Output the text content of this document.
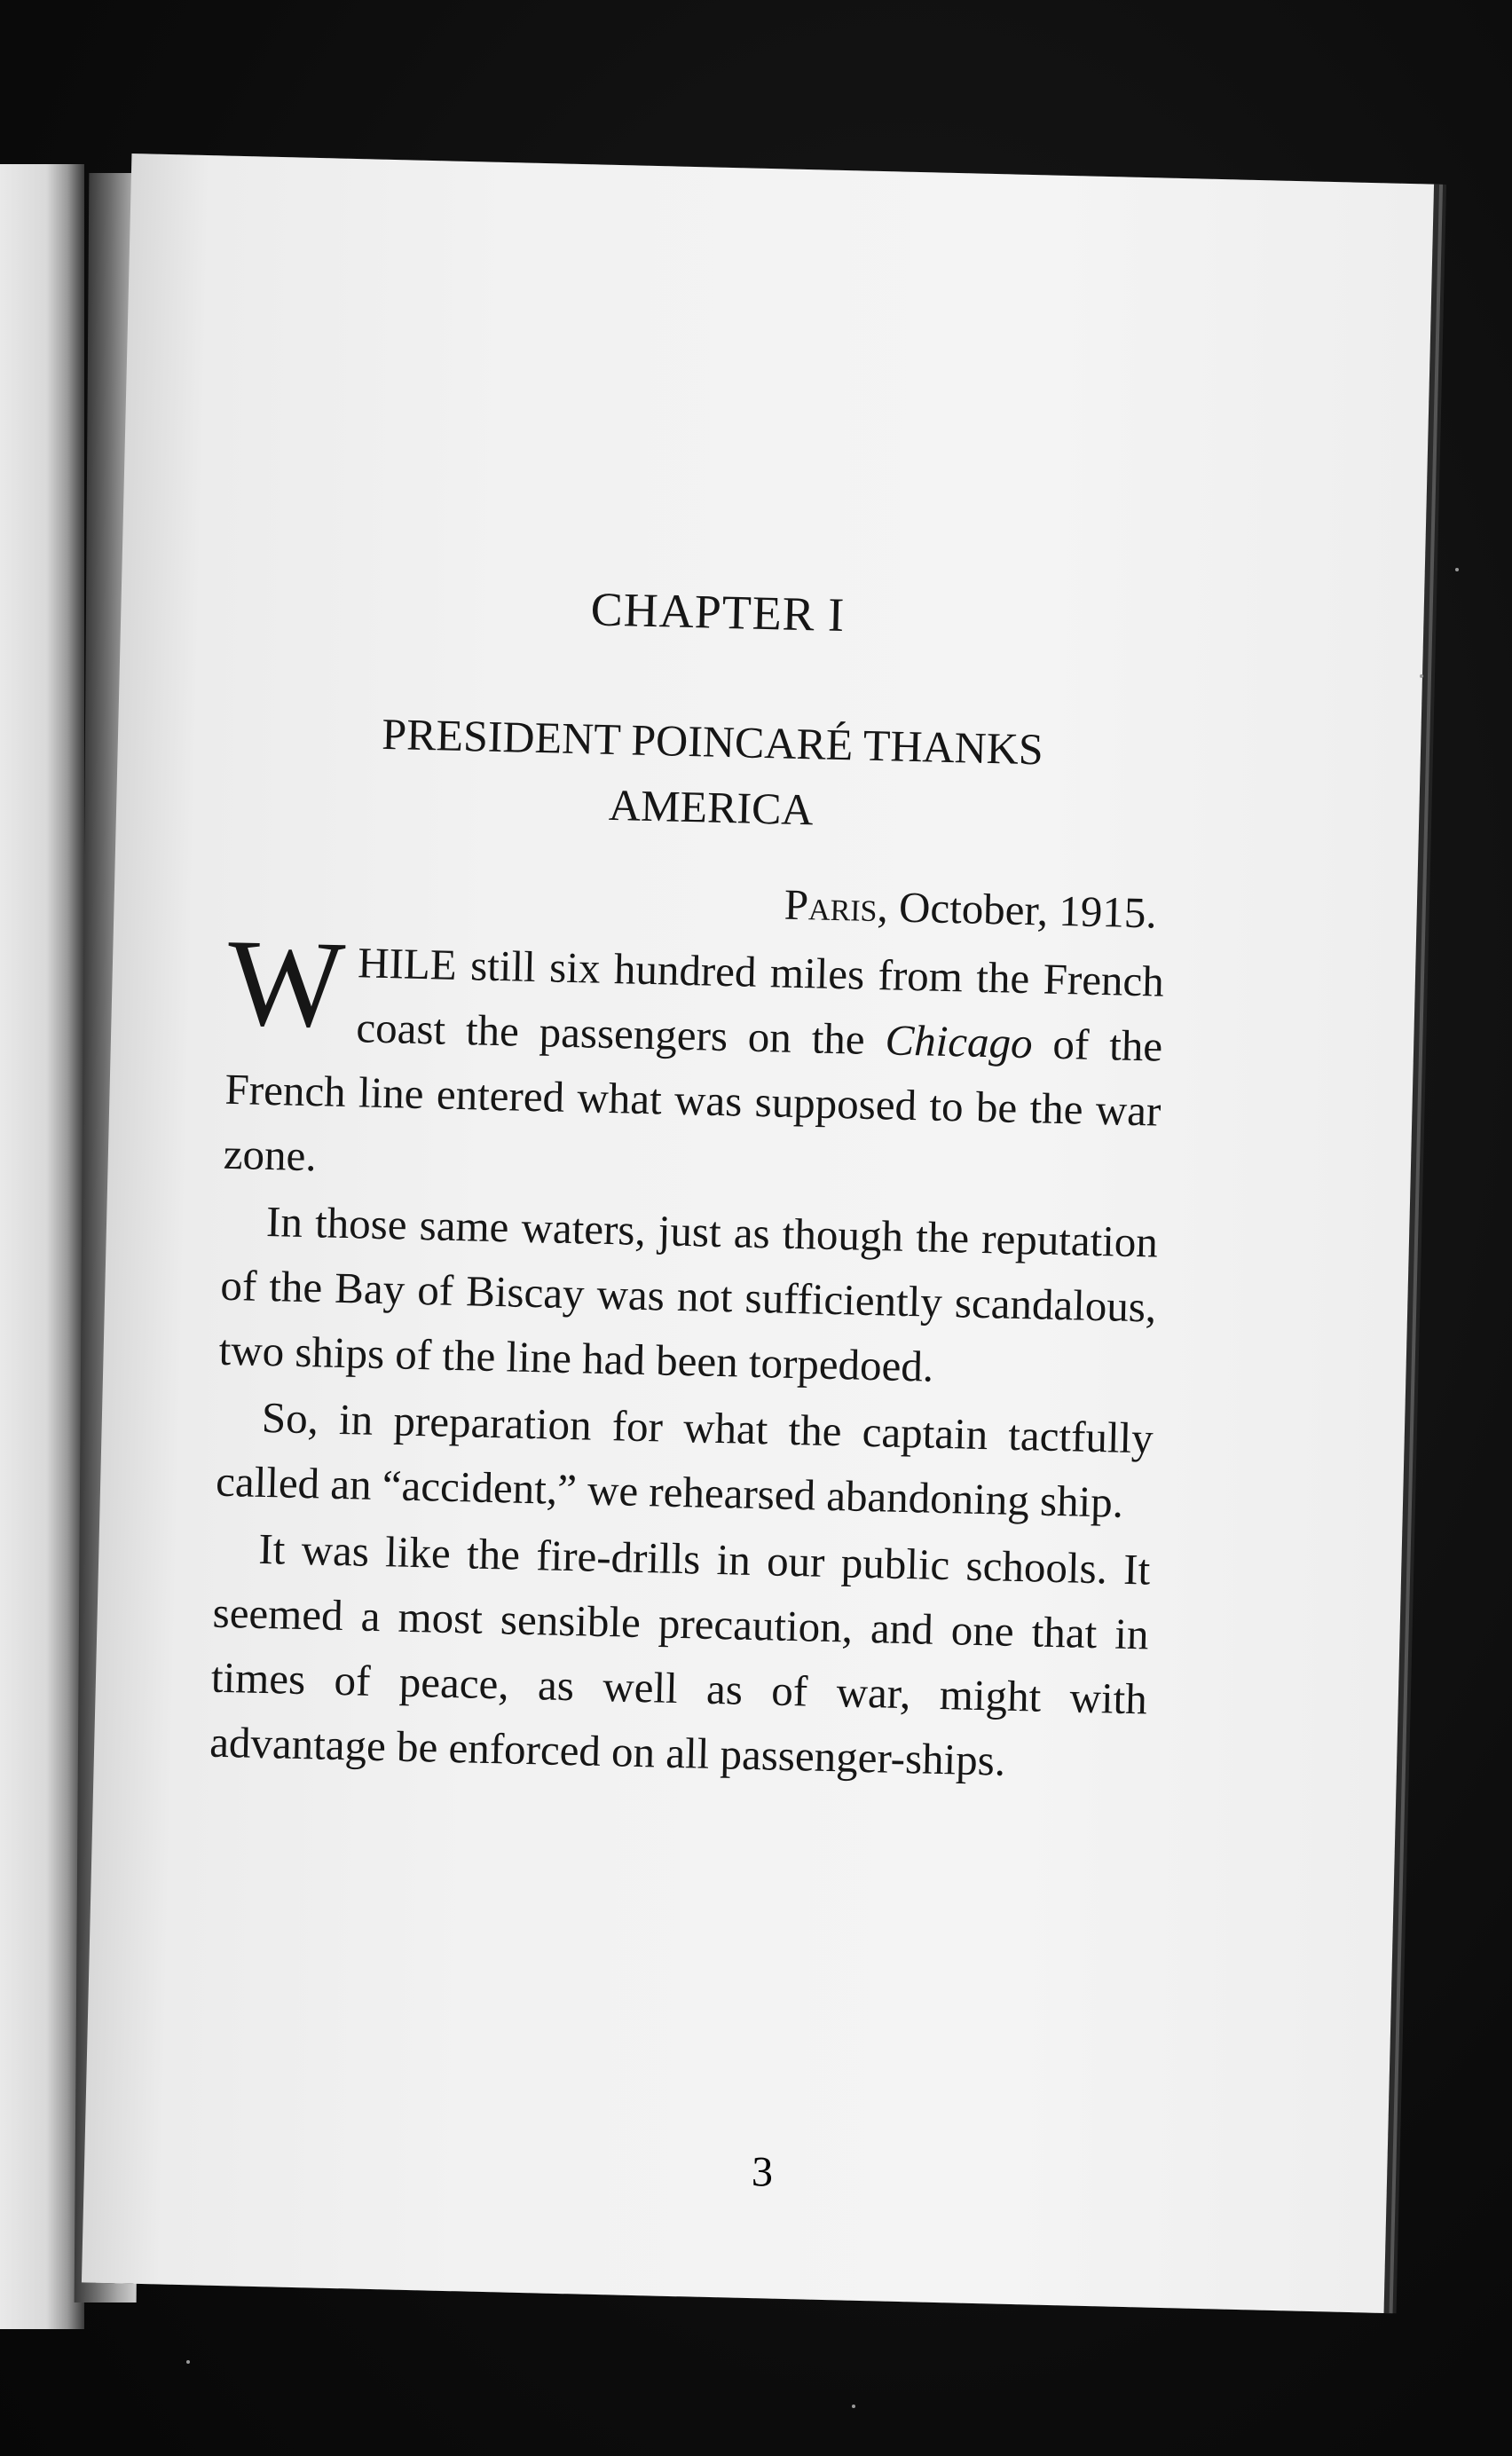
CHAPTER I
PRESIDENT POINCARÉ THANKS
AMERICA
Paris, October, 1915.

WHILE still six hundred miles from the French coast the passengers on the Chicago of the French line entered what was supposed to be the war zone.

In those same waters, just as though the reputation of the Bay of Biscay was not sufficiently scandalous, two ships of the line had been torpedoed.

So, in preparation for what the captain tactfully called an “accident,” we rehearsed abandoning ship.

It was like the fire-drills in our public schools. It seemed a most sensible precaution, and one that in times of peace, as well as of war, might with advantage be enforced on all passenger-ships.

3
